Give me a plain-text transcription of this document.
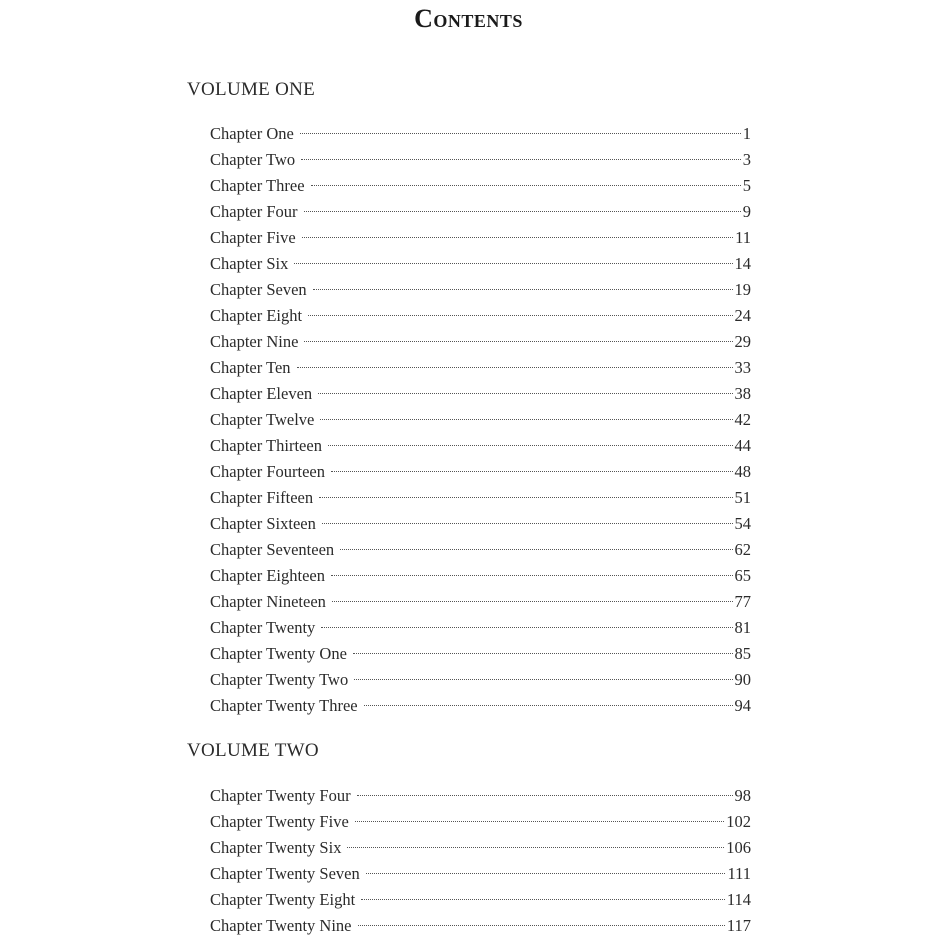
Contents
VOLUME ONE
Chapter One	1
Chapter Two	3
Chapter Three	5
Chapter Four	9
Chapter Five	11
Chapter Six	14
Chapter Seven	19
Chapter Eight	24
Chapter Nine	29
Chapter Ten	33
Chapter Eleven	38
Chapter Twelve	42
Chapter Thirteen	44
Chapter Fourteen	48
Chapter Fifteen	51
Chapter Sixteen	54
Chapter Seventeen	62
Chapter Eighteen	65
Chapter Nineteen	77
Chapter Twenty	81
Chapter Twenty One	85
Chapter Twenty Two	90
Chapter Twenty Three	94
VOLUME TWO
Chapter Twenty Four	98
Chapter Twenty Five	102
Chapter Twenty Six	106
Chapter Twenty Seven	111
Chapter Twenty Eight	114
Chapter Twenty Nine	117
